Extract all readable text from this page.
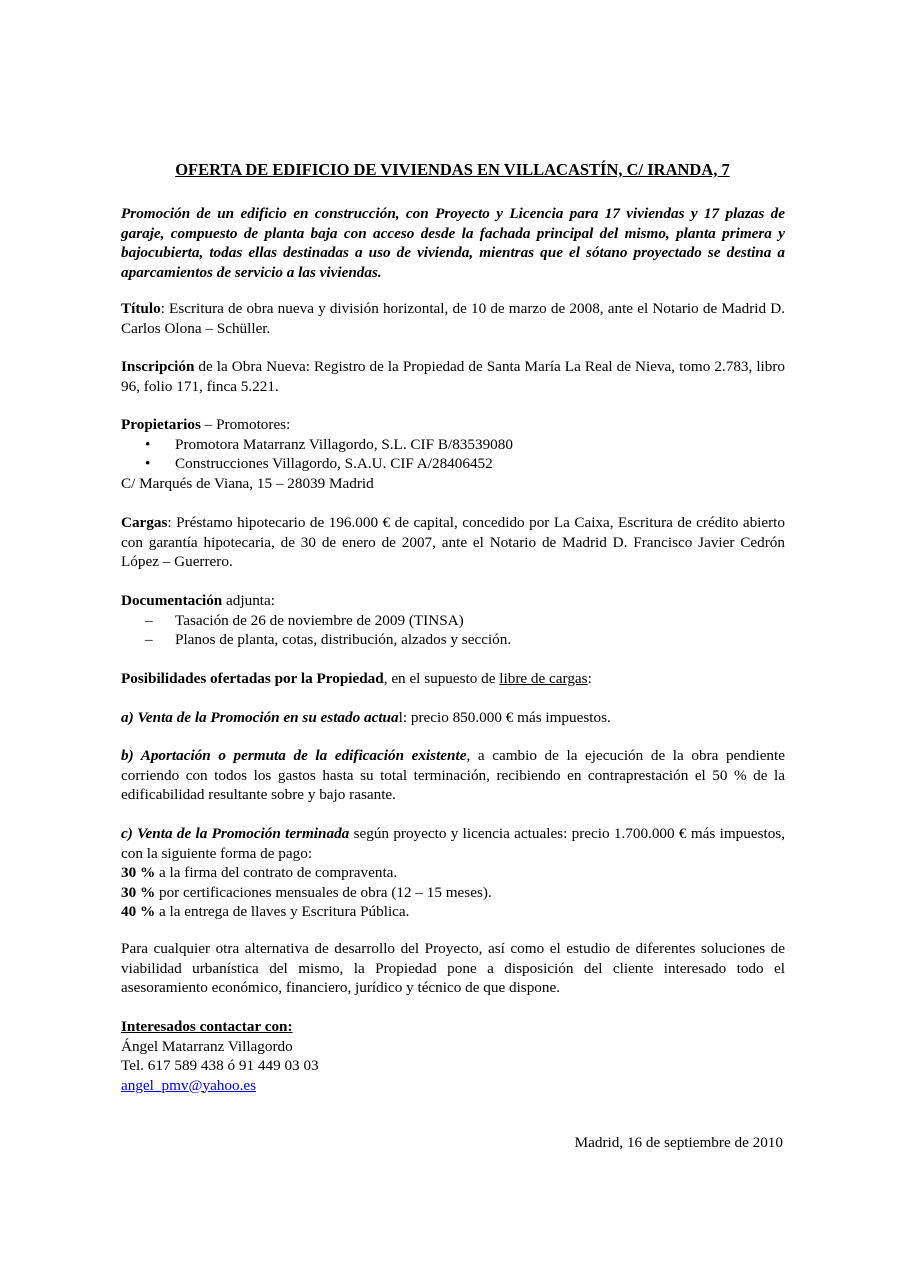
OFERTA DE EDIFICIO DE VIVIENDAS EN VILLACASTÍN, C/ IRANDA, 7
Promoción de un edificio en construcción, con Proyecto y Licencia para 17 viviendas y 17 plazas de garaje, compuesto de planta baja con acceso desde la fachada principal del mismo, planta primera y bajocubierta, todas ellas destinadas a uso de vivienda, mientras que el sótano proyectado se destina a aparcamientos de servicio a las viviendas.
Título: Escritura de obra nueva y división horizontal, de 10 de marzo de 2008, ante el Notario de Madrid D. Carlos Olona – Schüller.
Inscripción de la Obra Nueva: Registro de la Propiedad de Santa María La Real de Nieva, tomo 2.783, libro 96, folio 171, finca 5.221.
Propietarios – Promotores:
• Promotora Matarranz Villagordo, S.L. CIF B/83539080
• Construcciones Villagordo, S.A.U. CIF A/28406452
C/ Marqués de Viana, 15 – 28039 Madrid
Cargas: Préstamo hipotecario de 196.000 € de capital, concedido por La Caixa, Escritura de crédito abierto con garantía hipotecaria, de 30 de enero de 2007, ante el Notario de Madrid D. Francisco Javier Cedrón López – Guerrero.
Documentación adjunta:
– Tasación de 26 de noviembre de 2009 (TINSA)
– Planos de planta, cotas, distribución, alzados y sección.
Posibilidades ofertadas por la Propiedad, en el supuesto de libre de cargas:
a) Venta de la Promoción en su estado actual: precio 850.000 € más impuestos.
b) Aportación o permuta de la edificación existente, a cambio de la ejecución de la obra pendiente corriendo con todos los gastos hasta su total terminación, recibiendo en contraprestación el 50 % de la edificabilidad resultante sobre y bajo rasante.
c) Venta de la Promoción terminada según proyecto y licencia actuales: precio 1.700.000 € más impuestos, con la siguiente forma de pago:
30 % a la firma del contrato de compraventa.
30 % por certificaciones mensuales de obra (12 – 15 meses).
40 % a la entrega de llaves y Escritura Pública.
Para cualquier otra alternativa de desarrollo del Proyecto, así como el estudio de diferentes soluciones de viabilidad urbanística del mismo, la Propiedad pone a disposición del cliente interesado todo el asesoramiento económico, financiero, jurídico y técnico de que dispone.
Interesados contactar con:
Ángel Matarranz Villagordo
Tel. 617 589 438 ó 91 449 03 03
angel_pmv@yahoo.es
Madrid, 16 de septiembre de 2010
